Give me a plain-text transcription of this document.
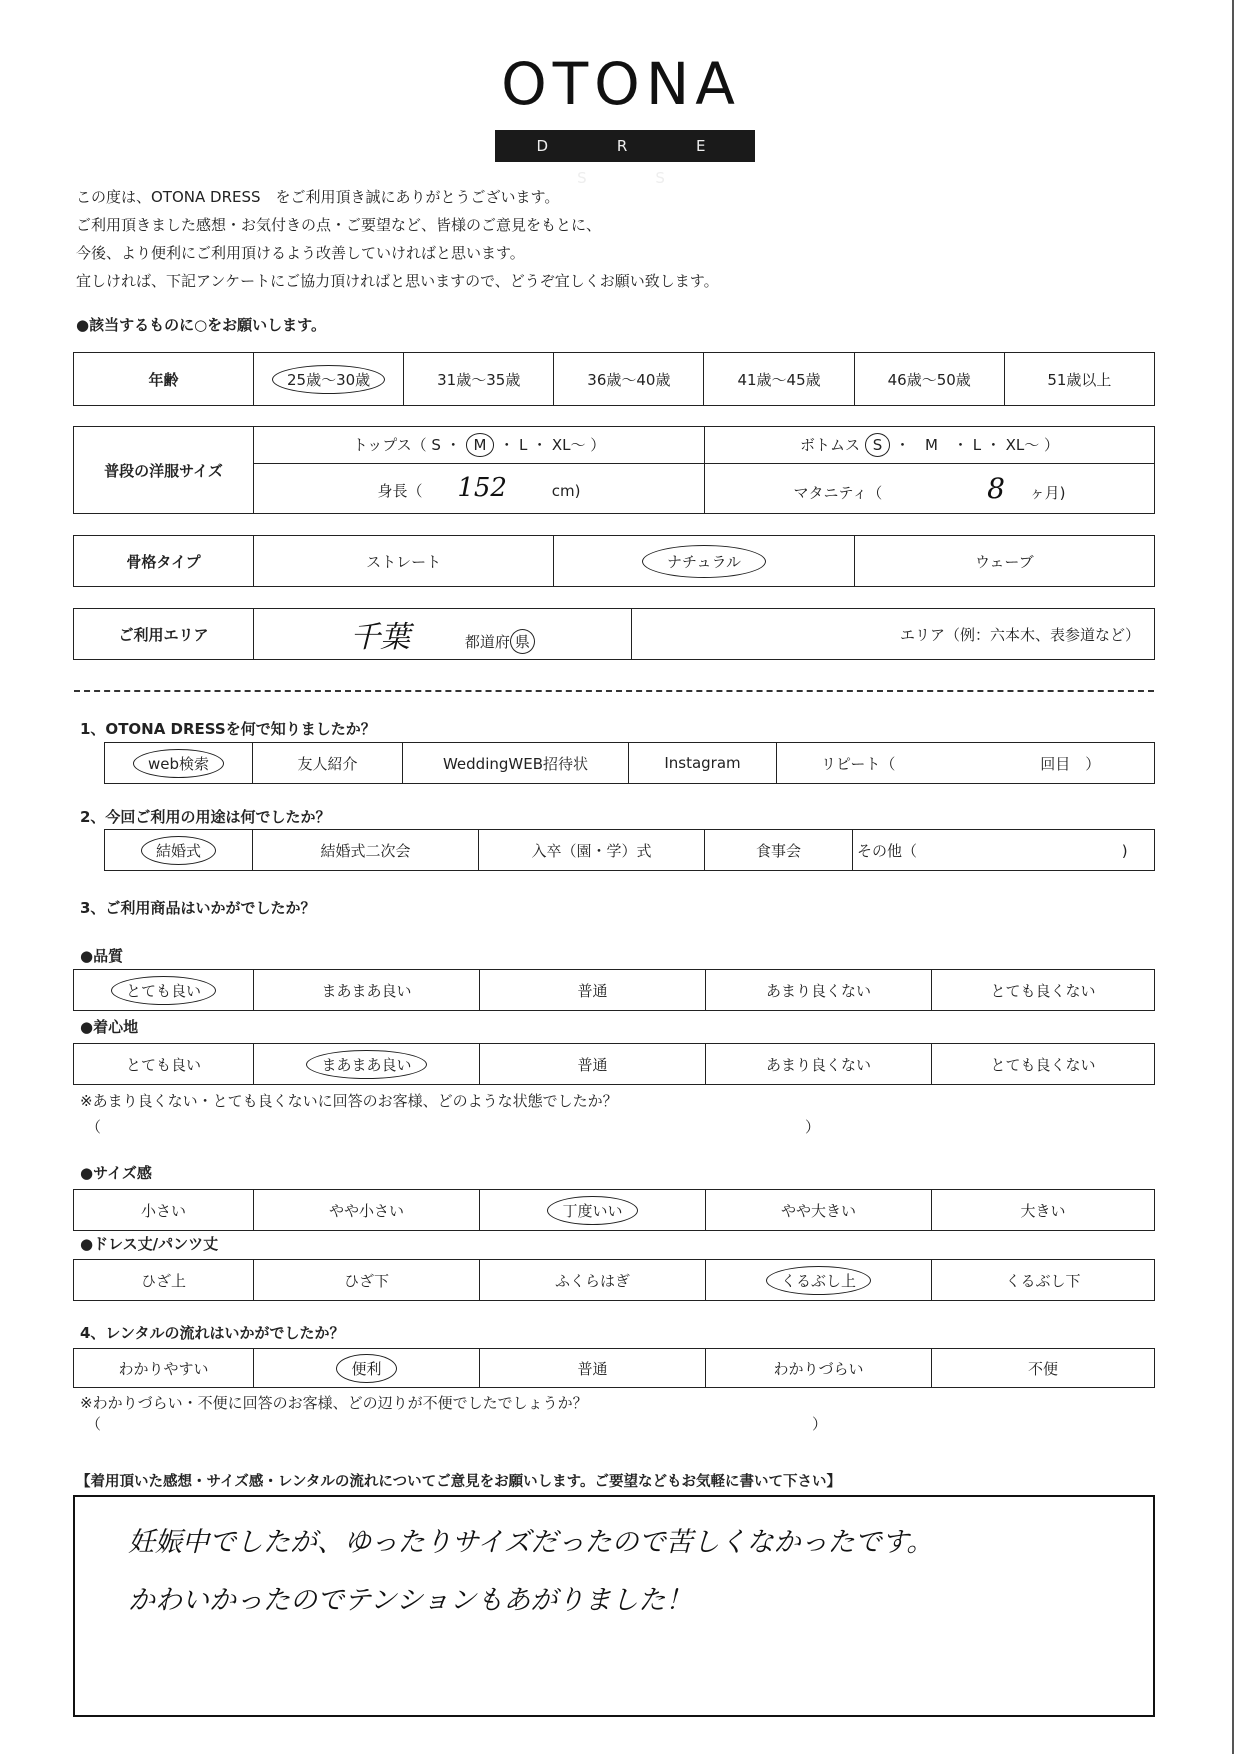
OTONA
D R E S S
この度は、OTONA DRESS　をご利用頂き誠にありがとうございます。
ご利用頂きました感想・お気付きの点・ご要望など、皆様のご意見をもとに、
今後、より便利にご利用頂けるよう改善していければと思います。
宜しければ、下記アンケートにご協力頂ければと思いますので、どうぞ宜しくお願い致します。
●該当するものに○をお願いします。
年齢	25歳〜30歳	31歳〜35歳	36歳〜40歳	41歳〜45歳	46歳〜50歳	51歳以上
普段の洋服サイズ	トップス（ S ・ M ・ L ・ XL〜 ）	ボトムス S ・　M　・ L ・ XL〜 ）
	身長（ 152 cm)	マタニティ（ 8 ヶ月)
骨格タイプ	ストレート	ナチュラル	ウェーブ
ご利用エリア	千葉	都道府 県	エリア（例：六本木、表参道など）
1、OTONA DRESSを何で知りましたか？
web検索	友人紹介	WeddingWEB招待状	Instagram	リピート（	回目　）
2、今回ご利用の用途は何でしたか？
結婚式	結婚式二次会	入卒（園・学）式	食事会	その他（	)
3、ご利用商品はいかがでしたか？
●品質
とても良い	まあまあ良い	普通	あまり良くない	とても良くない
●着心地
とても良い	まあまあ良い	普通	あまり良くない	とても良くない
※あまり良くない・とても良くないに回答のお客様、どのような状態でしたか？
（	）
●サイズ感
小さい	やや小さい	丁度いい	やや大きい	大きい
●ドレス丈/パンツ丈
ひざ上	ひざ下	ふくらはぎ	くるぶし上	くるぶし下
4、レンタルの流れはいかがでしたか？
わかりやすい	便利	普通	わかりづらい	不便
※わかりづらい・不便に回答のお客様、どの辺りが不便でしたでしょうか？
（	）
【着用頂いた感想・サイズ感・レンタルの流れについてご意見をお願いします。ご要望などもお気軽に書いて下さい】
妊娠中でしたが、ゆったりサイズだったので苦しくなかったです。
かわいかったのでテンションもあがりました！
